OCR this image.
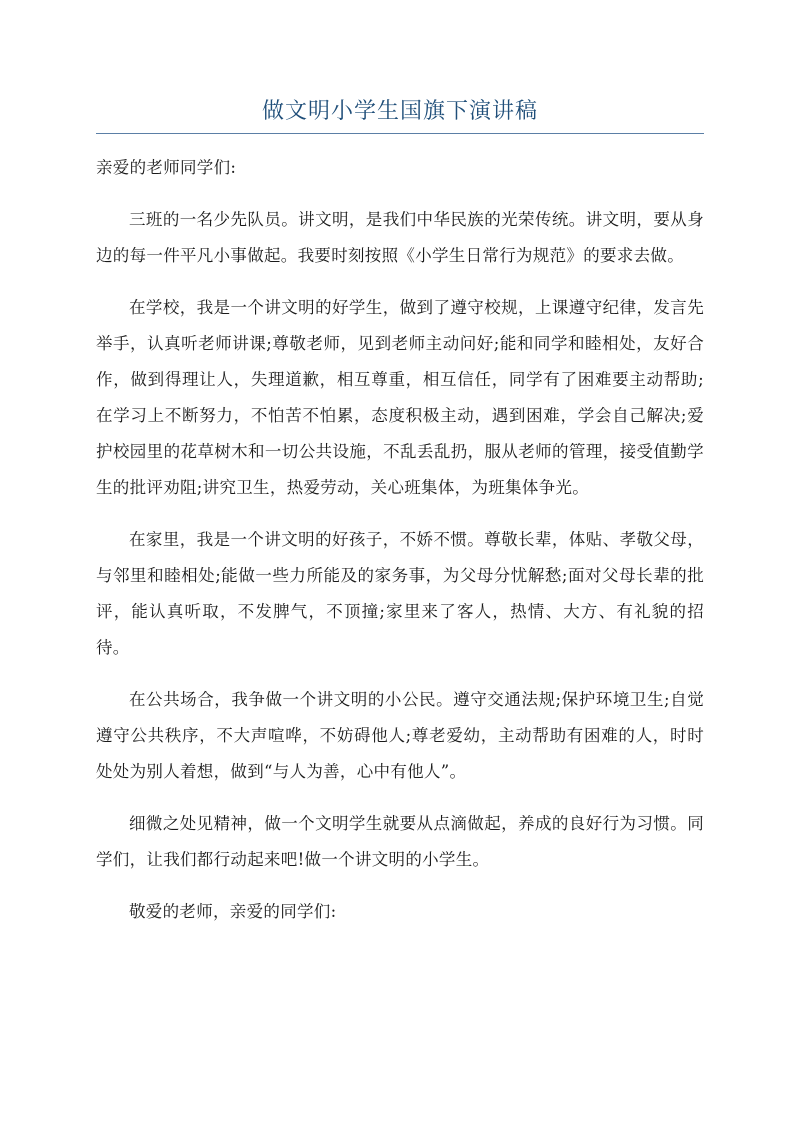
做文明小学生国旗下演讲稿

亲爱的老师同学们:

三班的一名少先队员。讲文明，是我们中华民族的光荣传统。讲文明，要从身边的每一件平凡小事做起。我要时刻按照《小学生日常行为规范》的要求去做。

在学校，我是一个讲文明的好学生，做到了遵守校规，上课遵守纪律，发言先举手，认真听老师讲课;尊敬老师，见到老师主动问好;能和同学和睦相处，友好合作，做到得理让人，失理道歉，相互尊重，相互信任，同学有了困难要主动帮助;在学习上不断努力，不怕苦不怕累，态度积极主动，遇到困难，学会自己解决;爱护校园里的花草树木和一切公共设施，不乱丢乱扔，服从老师的管理，接受值勤学生的批评劝阻;讲究卫生，热爱劳动，关心班集体，为班集体争光。

在家里，我是一个讲文明的好孩子，不娇不惯。尊敬长辈，体贴、孝敬父母，与邻里和睦相处;能做一些力所能及的家务事，为父母分忧解愁;面对父母长辈的批评，能认真听取，不发脾气，不顶撞;家里来了客人，热情、大方、有礼貌的招待。

在公共场合，我争做一个讲文明的小公民。遵守交通法规;保护环境卫生;自觉遵守公共秩序，不大声喧哗，不妨碍他人;尊老爱幼，主动帮助有困难的人，时时处处为别人着想，做到“与人为善，心中有他人”。

细微之处见精神，做一个文明学生就要从点滴做起，养成的良好行为习惯。同学们，让我们都行动起来吧!做一个讲文明的小学生。

敬爱的老师，亲爱的同学们:
